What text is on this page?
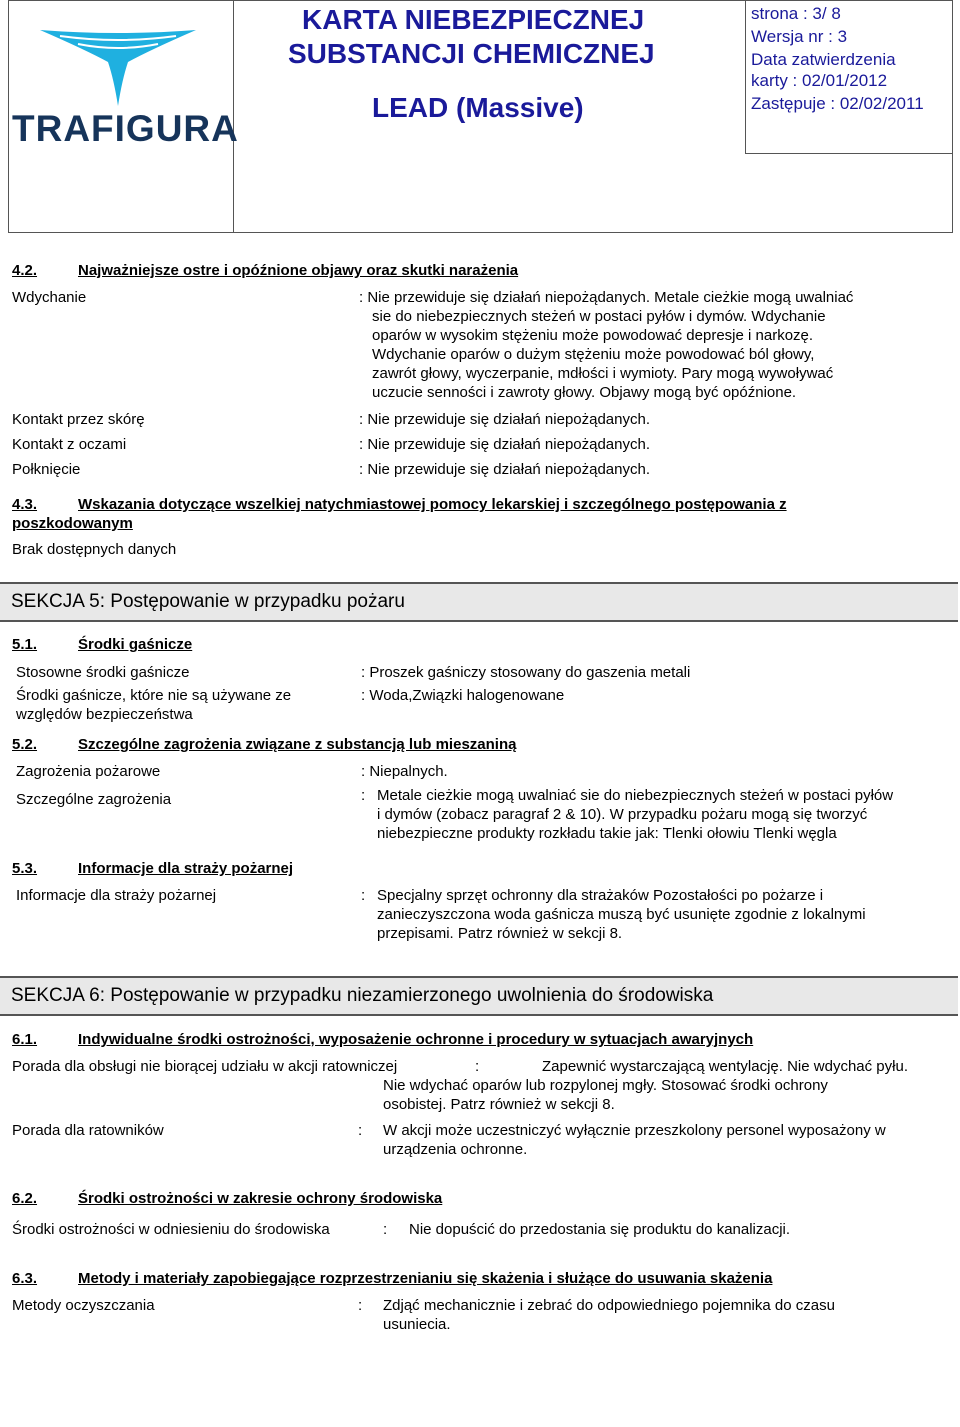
TRAFIGURA
KARTA NIEBEZPIECZNEJ
SUBSTANCJI CHEMICZNEJ
LEAD (Massive)
strona : 3/ 8
Wersja nr : 3
Data zatwierdzenia
karty : 02/01/2012
Zastępuje : 02/02/2011
4.2.	Najważniejsze ostre i opóźnione objawy oraz skutki narażenia
Wdychanie	: Nie przewiduje się działań niepożądanych. Metale cieżkie mogą uwalniać
sie do niebezpiecznych steżeń w postaci pyłów i dymów. Wdychanie
oparów w wysokim stężeniu może powodować depresje i narkozę.
Wdychanie oparów o dużym stężeniu może powodować ból głowy,
zawrót głowy, wyczerpanie, mdłości i wymioty. Pary mogą wywoływać
uczucie senności i zawroty głowy. Objawy mogą być opóźnione.
Kontakt przez skórę	: Nie przewiduje się działań niepożądanych.
Kontakt z oczami	: Nie przewiduje się działań niepożądanych.
Połknięcie	: Nie przewiduje się działań niepożądanych.
4.3.	Wskazania dotyczące wszelkiej natychmiastowej pomocy lekarskiej i szczególnego postępowania z
poszkodowanym
Brak dostępnych danych
SEKCJA 5: Postępowanie w przypadku pożaru
5.1.	Środki gaśnicze
Stosowne środki gaśnicze	: Proszek gaśniczy stosowany do gaszenia metali
Środki gaśnicze, które nie są używane ze
względów bezpieczeństwa
: Woda,Związki halogenowane
5.2.	Szczególne zagrożenia związane z substancją lub mieszaniną
Zagrożenia pożarowe	: Niepalnych.
Szczególne zagrożenia	: Metale cieżkie mogą uwalniać sie do niebezpiecznych steżeń w postaci pyłów
i dymów (zobacz paragraf 2 & 10). W przypadku pożaru mogą się tworzyć
niebezpieczne produkty rozkładu takie jak: Tlenki ołowiu Tlenki węgla
5.3.	Informacje dla straży pożarnej
Informacje dla straży pożarnej	: Specjalny sprzęt ochronny dla strażaków Pozostałości po pożarze i
zanieczyszczona woda gaśnicza muszą być usunięte zgodnie z lokalnymi
przepisami. Patrz również w sekcji 8.
SEKCJA 6: Postępowanie w przypadku niezamierzonego uwolnienia do środowiska
6.1.	Indywidualne środki ostrożności, wyposażenie ochronne i procedury w sytuacjach awaryjnych
Porada dla obsługi nie biorącej udziału w akcji ratowniczej	:	Zapewnić wystarczającą wentylację. Nie wdychać pyłu.
Nie wdychać oparów lub rozpylonej mgły. Stosować środki ochrony
osobistej. Patrz również w sekcji 8.
Porada dla ratowników	: W akcji może uczestniczyć wyłącznie przeszkolony personel wyposażony w
urządzenia ochronne.
6.2.	Środki ostrożności w zakresie ochrony środowiska
Środki ostrożności w odniesieniu do środowiska	: Nie dopuścić do przedostania się produktu do kanalizacji.
6.3.	Metody i materiały zapobiegające rozprzestrzenianiu się skażenia i służące do usuwania skażenia
Metody oczyszczania	: Zdjąć mechanicznie i zebrać do odpowiedniego pojemnika do czasu
usuniecia.
